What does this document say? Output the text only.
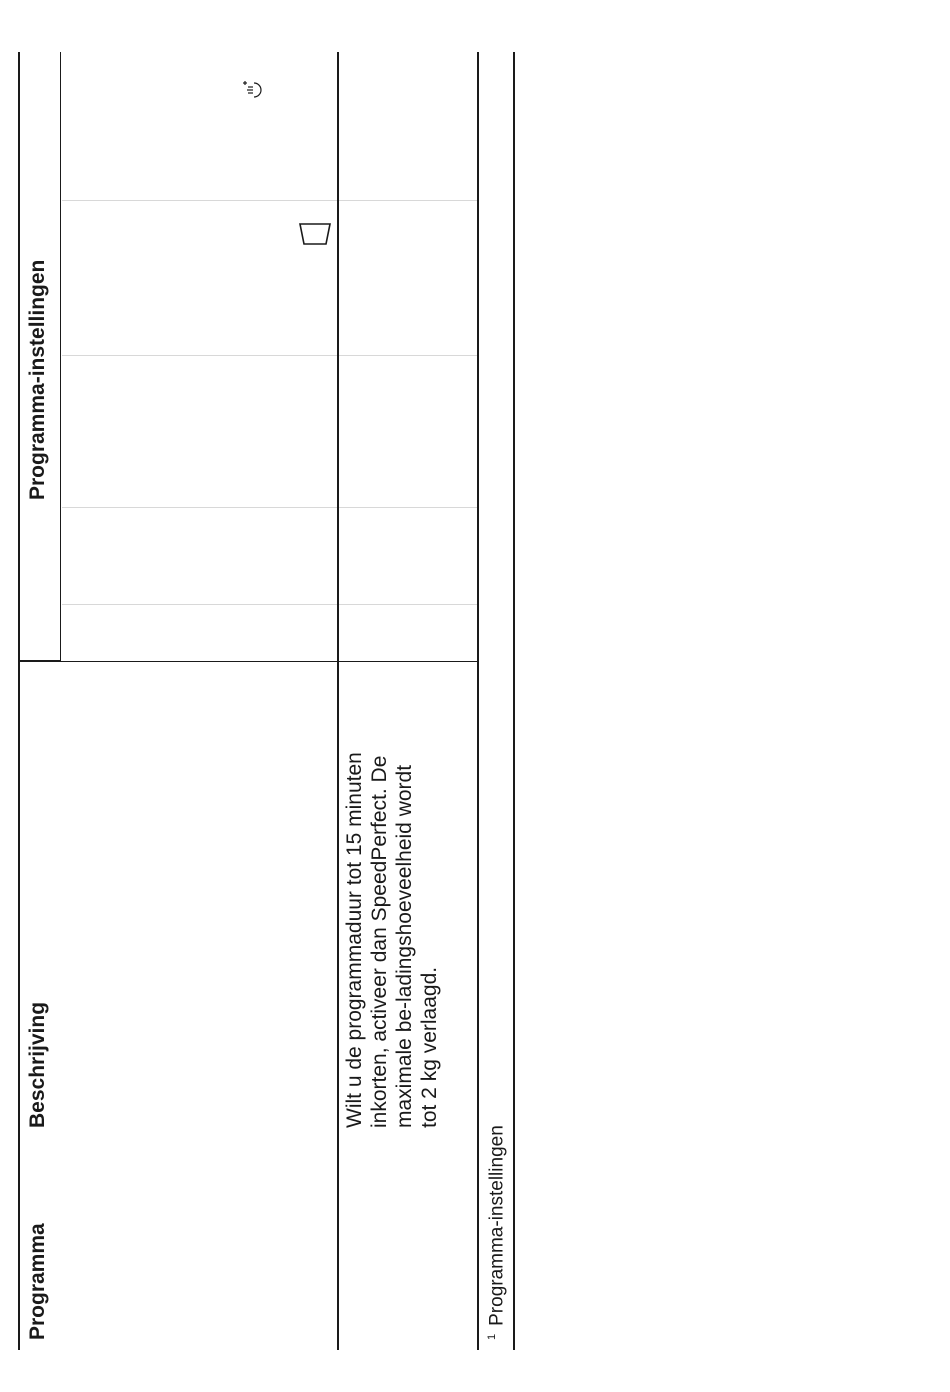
Programma
Beschrijving
Programma-instellingen
Wilt u de programmaduur tot 15 minuten inkorten, activeer dan SpeedPerfect. De maximale be-ladingshoeveelheid wordt tot 2 kg verlaagd.
$^1$Programma-instellingen
